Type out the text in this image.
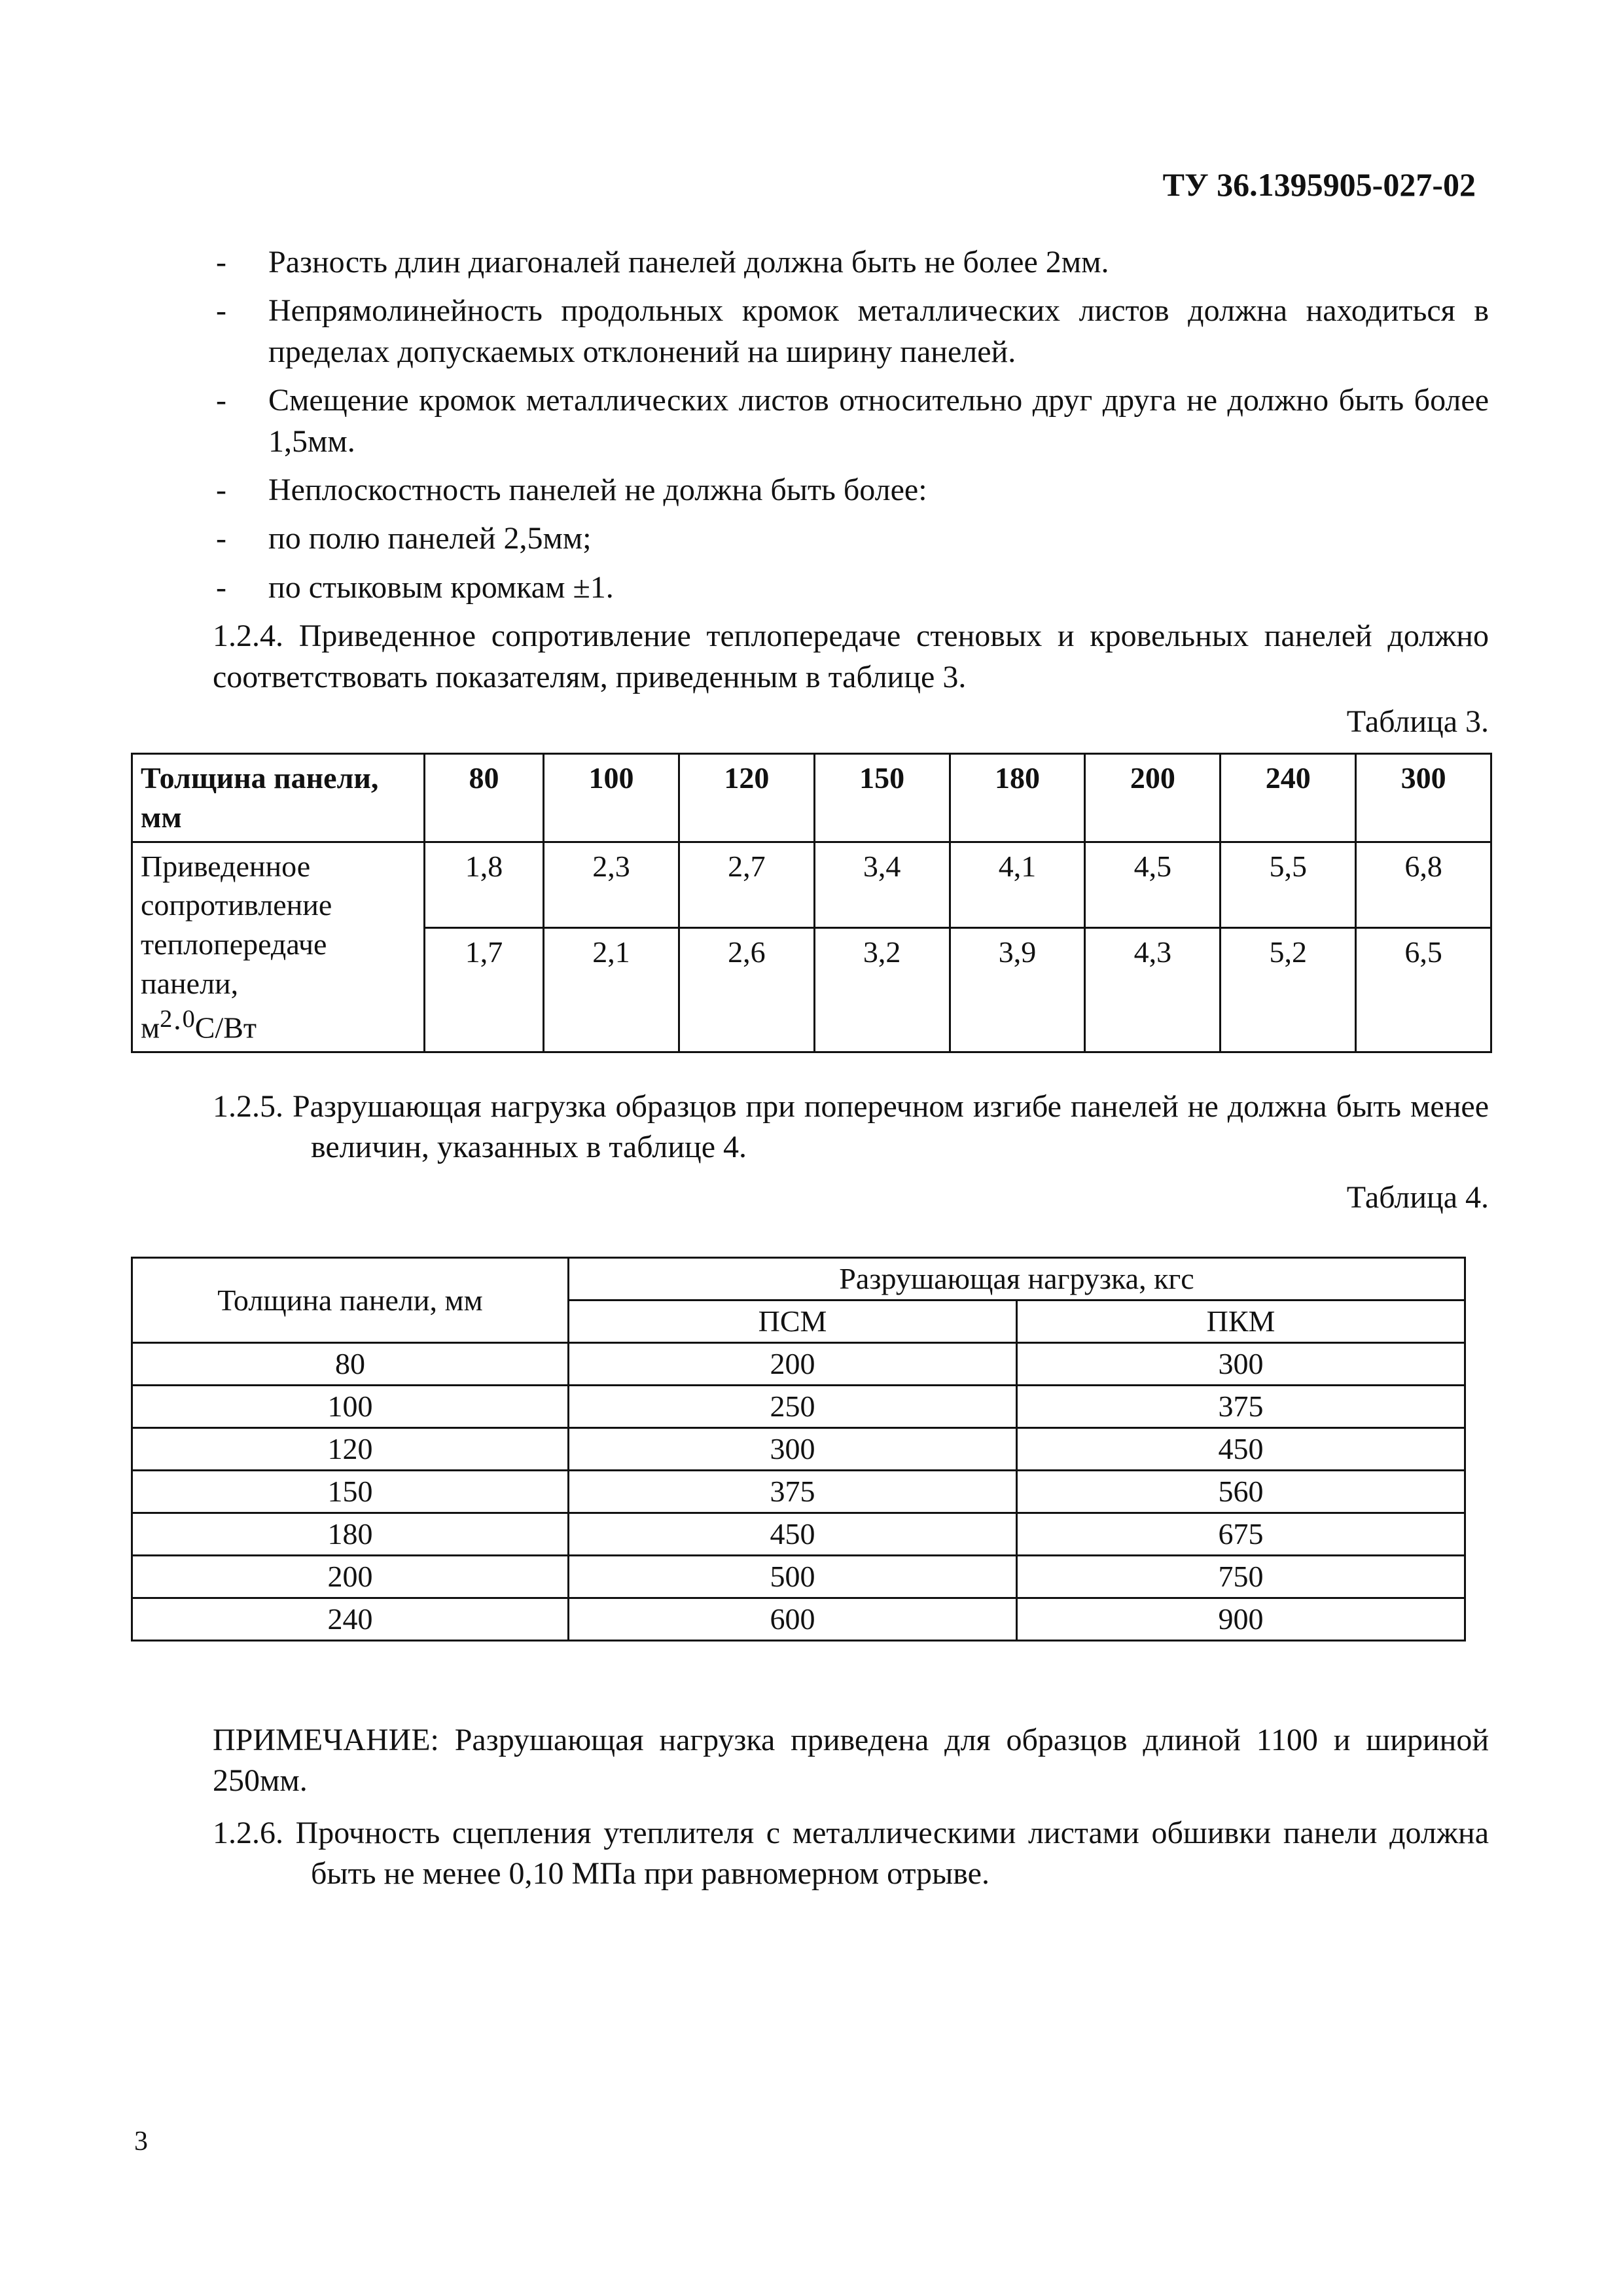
ТУ 36.1395905-027-02
- Разность длин диагоналей панелей должна быть не более 2мм.
- Непрямолинейность продольных кромок металлических листов должна находиться в пределах допускаемых отклонений на ширину панелей.
- Смещение кромок металлических листов относительно друг друга не должно быть более 1,5мм.
- Неплоскостность панелей не должна быть более:
- по полю панелей 2,5мм;
- по стыковым кромкам ±1.

1.2.4. Приведенное сопротивление теплопередаче стеновых и кровельных панелей должно соответствовать показателям, приведенным в таблице 3.

Таблица 3.

Толщина панели, мм	80	100	120	150	180	200	240	300
Приведенное сопротивление теплопередаче панели,
$м^2\cdot^0С/Вт$	1,8	2,3	2,7	3,4	4,1	4,5	5,5	6,8
	1,7	2,1	2,6	3,2	3,9	4,3	5,2	6,5

1.2.5. Разрушающая нагрузка образцов при поперечном изгибе панелей не должна быть менее величин, указанных в таблице 4.

Таблица 4.

Толщина панели, мм	Разрушающая нагрузка, кгс	
	ПСМ	ПКМ
80	200	300
100	250	375
120	300	450
150	375	560
180	450	675
200	500	750
240	600	900

ПРИМЕЧАНИЕ: Разрушающая нагрузка приведена для образцов длиной 1100 и шириной 250мм.

1.2.6. Прочность сцепления утеплителя с металлическими листами обшивки панели должна быть не менее 0,10 МПа при равномерном отрыве.

3
